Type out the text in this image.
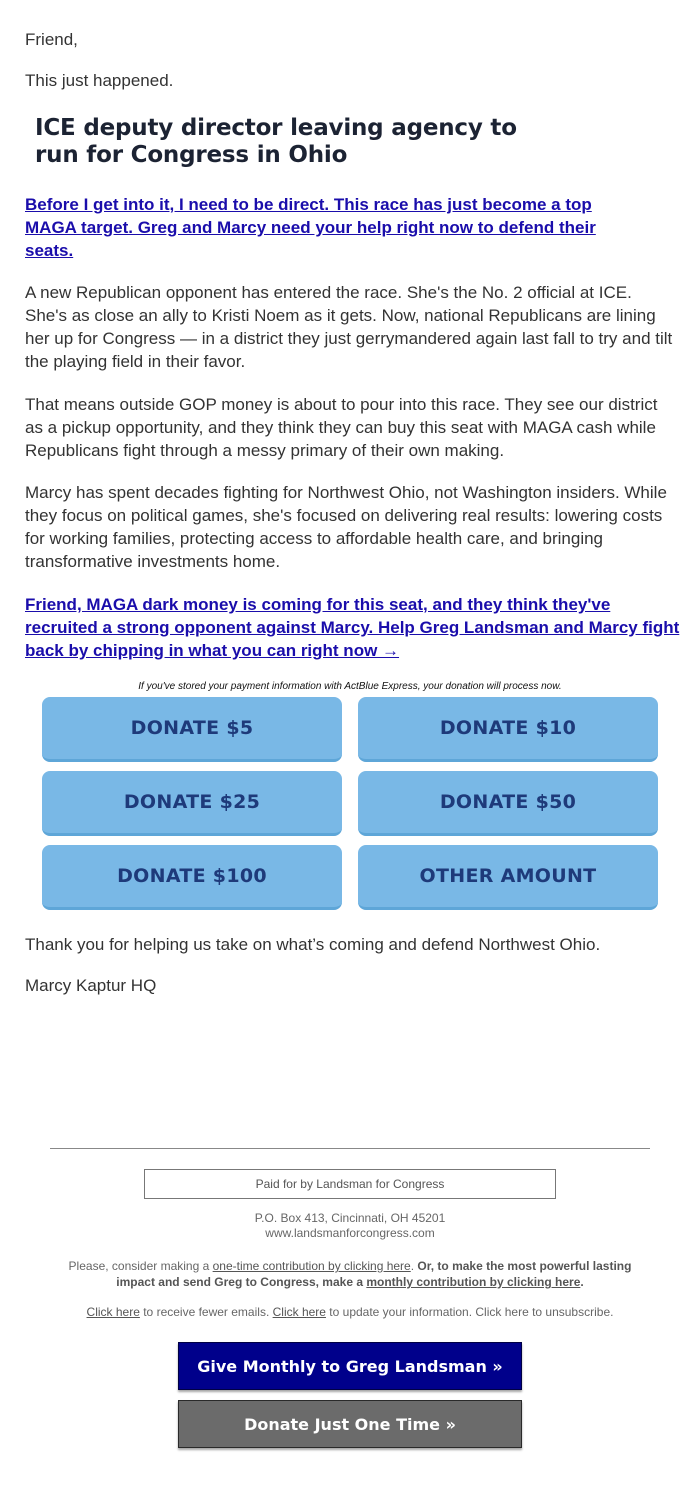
Friend,

This just happened.

ICE deputy director leaving agency to run for Congress in Ohio

Before I get into it, I need to be direct. This race has just become a top MAGA target. Greg and Marcy need your help right now to defend their seats.

A new Republican opponent has entered the race. She's the No. 2 official at ICE. She's as close an ally to Kristi Noem as it gets. Now, national Republicans are lining her up for Congress — in a district they just gerrymandered again last fall to try and tilt the playing field in their favor.

That means outside GOP money is about to pour into this race. They see our district as a pickup opportunity, and they think they can buy this seat with MAGA cash while Republicans fight through a messy primary of their own making.

Marcy has spent decades fighting for Northwest Ohio, not Washington insiders. While they focus on political games, she's focused on delivering real results: lowering costs for working families, protecting access to affordable health care, and bringing transformative investments home.

Friend, MAGA dark money is coming for this seat, and they think they've recruited a strong opponent against Marcy. Help Greg Landsman and Marcy fight back by chipping in what you can right now →

If you've stored your payment information with ActBlue Express, your donation will process now.

Thank you for helping us take on what’s coming and defend Northwest Ohio.

Marcy Kaptur HQ

DONATE $5	DONATE $10
DONATE $25	DONATE $50
DONATE $100	OTHER AMOUNT
Paid for by Landsman for Congress
P.O. Box 413, Cincinnati, OH 45201
www.landsmanforcongress.com
Please, consider making a one-time contribution by clicking here. Or, to make the most powerful lasting impact and send Greg to Congress, make a monthly contribution by clicking here.
Click here to receive fewer emails. Click here to update your information. Click here to unsubscribe.
Give Monthly to Greg Landsman »
Donate Just One Time »
